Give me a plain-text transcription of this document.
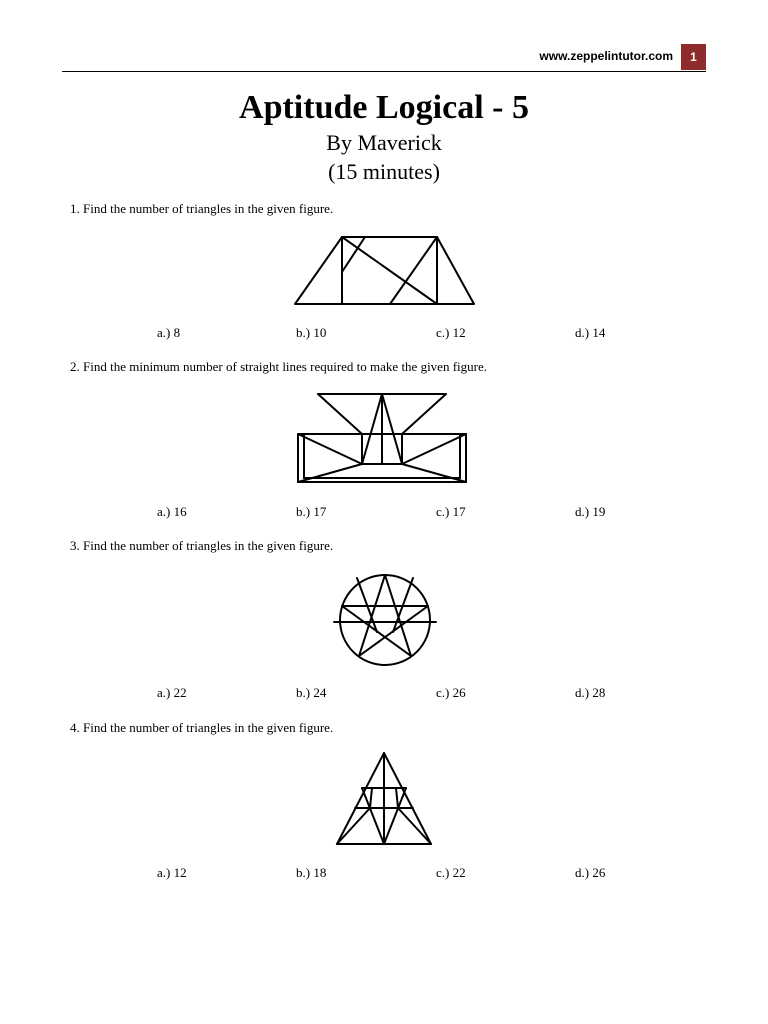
www.zeppelintutor.com	1
Aptitude Logical - 5
By Maverick
(15 minutes)
1. Find the number of triangles in the given figure.
a.) 8	b.) 10	c.) 12	d.) 14
2. Find the minimum number of straight lines required to make the given figure.
a.) 16	b.) 17	c.) 17	d.) 19
3. Find the number of triangles in the given figure.
a.) 22	b.) 24	c.) 26	d.) 28
4. Find the number of triangles in the given figure.
a.) 12	b.) 18	c.) 22	d.) 26
